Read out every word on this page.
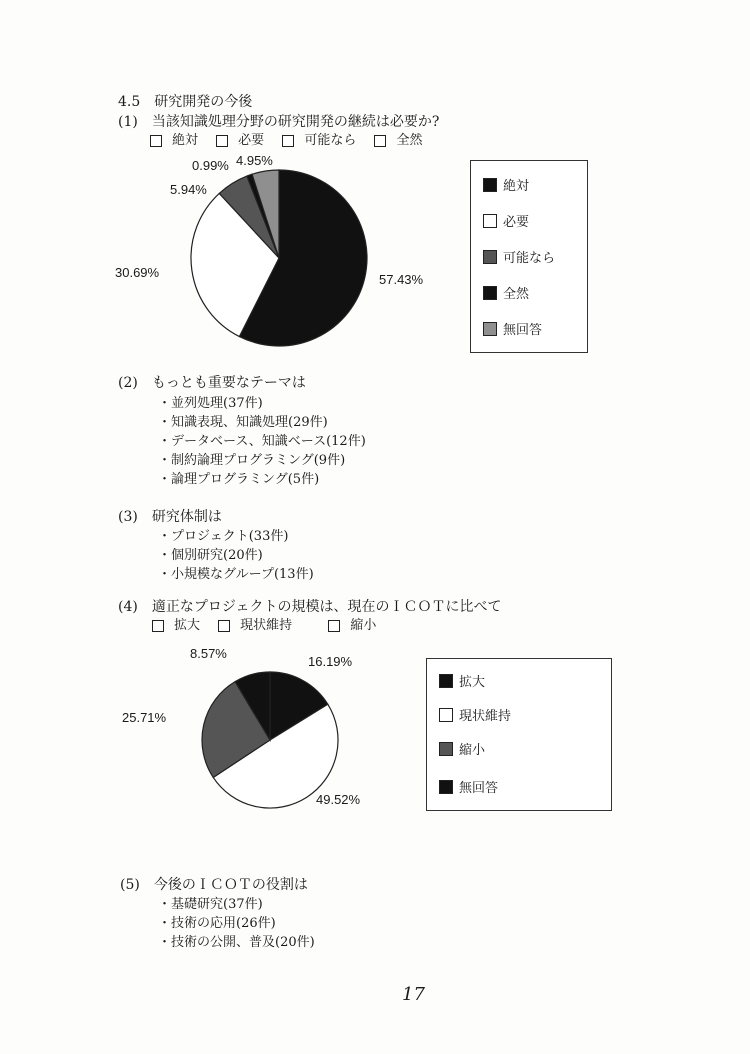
4.5　研究開発の今後
(1)　当該知識処理分野の研究開発の継続は必要か?
絶対
	必要
	可能なら
	全然
57.43%
30.69%
5.94%
0.99% 4.95%
絶対
必要
可能なら
全然
無回答
(2)　もっとも重要なテーマは
・並列処理(37件)
・知識表現、知識処理(29件)
・データベース、知識ベース(12件)
・制約論理プログラミング(9件)
・論理プログラミング(5件)
(3)　研究体制は
・プロジェクト(33件)
・個別研究(20件)
・小規模なグループ(13件)
(4)　適正なプロジェクトの規模は、現在のＩＣＯＴに比べて
拡大
	現状維持
	縮小
16.19%
49.52%
25.71%
8.57%
拡大
現状維持
縮小
無回答
(5)　今後のＩＣＯＴの役割は
・基礎研究(37件)
・技術の応用(26件)
・技術の公開、普及(20件)
17
